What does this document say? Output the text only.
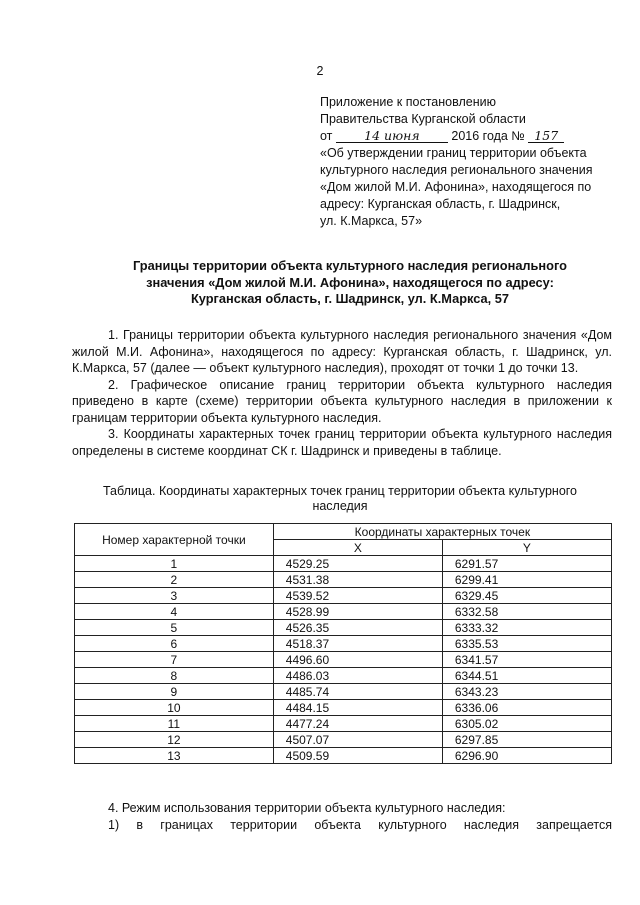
2
Приложение к постановлению
Правительства Курганской области
от	14 июня	2016 года № 157
«Об утверждении границ территории объекта
культурного наследия регионального значения
«Дом жилой М.И. Афонина», находящегося по
адресу: Курганская область, г. Шадринск,
ул. К.Маркса, 57»
Границы территории объекта культурного наследия регионального
значения «Дом жилой М.И. Афонина», находящегося по адресу:
Курганская область, г. Шадринск, ул. К.Маркса, 57

1. Границы территории объекта культурного наследия регионального значения «Дом жилой М.И. Афонина», находящегося по адресу: Курганская область, г. Шадринск, ул. К.Маркса, 57 (далее — объект культурного наследия), проходят от точки 1 до точки 13.

2. Графическое описание границ территории объекта культурного наследия приведено в карте (схеме) территории объекта культурного наследия в приложении к границам территории объекта культурного наследия.

3. Координаты характерных точек границ территории объекта культурного наследия определены в системе координат СК г. Шадринск и приведены в таблице.

Таблица. Координаты характерных точек границ территории объекта культурного
наследия
Номер характерной точки	Координаты характерных точек	
	X	Y
1	4529.25	6291.57
2	4531.38	6299.41
3	4539.52	6329.45
4	4528.99	6332.58
5	4526.35	6333.32
6	4518.37	6335.53
7	4496.60	6341.57
8	4486.03	6344.51
9	4485.74	6343.23
10	4484.15	6336.06
11	4477.24	6305.02
12	4507.07	6297.85
13	4509.59	6296.90

4. Режим использования территории объекта культурного наследия:

1) в границах территории объекта культурного наследия запрещается
